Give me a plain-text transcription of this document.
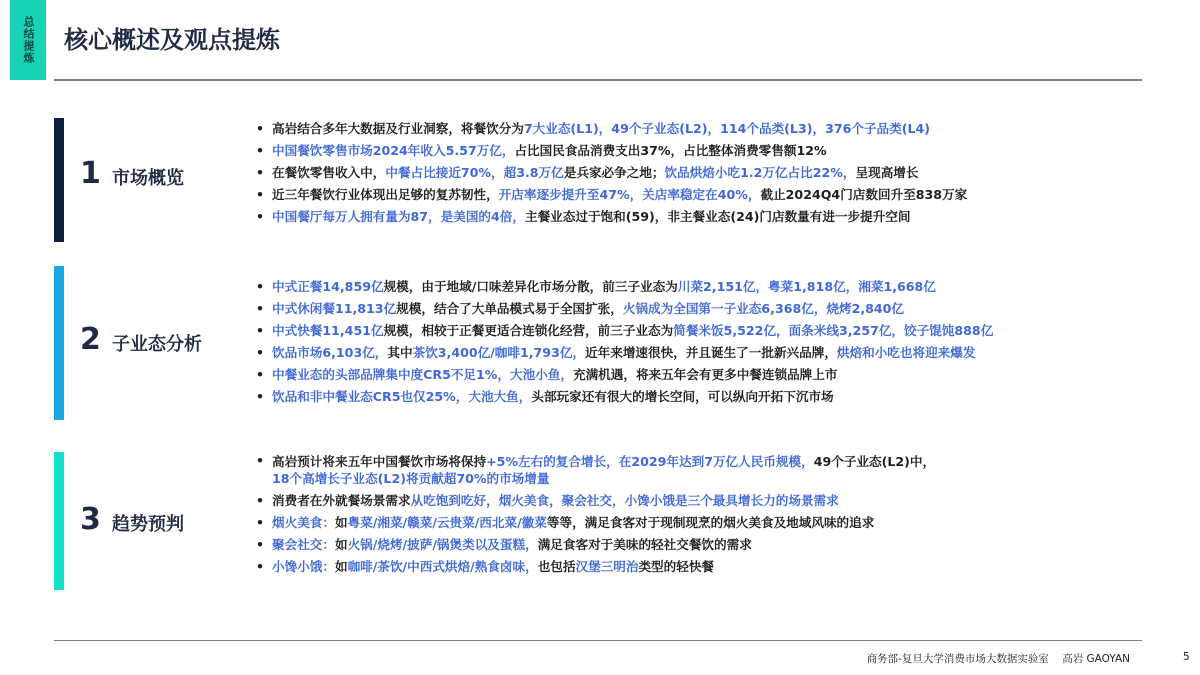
总结提炼 核心概述及观点提炼
1 市场概览
• 高岩结合多年大数据及行业洞察，将餐饮分为7大业态(L1)，49个子业态(L2)，114个品类(L3)，376个子品类(L4)
• 中国餐饮零售市场2024年收入5.57万亿，占比国民食品消费支出37%，占比整体消费零售额12%
• 在餐饮零售收入中，中餐占比接近70%，超3.8万亿是兵家必争之地；饮品烘焙小吃1.2万亿占比22%，呈现高增长
• 近三年餐饮行业体现出足够的复苏韧性，开店率逐步提升至47%，关店率稳定在40%，截止2024Q4门店数回升至838万家
• 中国餐厅每万人拥有量为87，是美国的4倍，主餐业态过于饱和(59)，非主餐业态(24)门店数量有进一步提升空间
2 子业态分析
• 中式正餐14,859亿规模，由于地域/口味差异化市场分散，前三子业态为川菜2,151亿，粤菜1,818亿，湘菜1,668亿
• 中式休闲餐11,813亿规模，结合了大单品模式易于全国扩张，火锅成为全国第一子业态6,368亿，烧烤2,840亿
• 中式快餐11,451亿规模，相较于正餐更适合连锁化经营，前三子业态为简餐米饭5,522亿，面条米线3,257亿，饺子馄饨888亿
• 饮品市场6,103亿，其中茶饮3,400亿/咖啡1,793亿，近年来增速很快，并且诞生了一批新兴品牌，烘焙和小吃也将迎来爆发
• 中餐业态的头部品牌集中度CR5不足1%，大池小鱼，充满机遇，将来五年会有更多中餐连锁品牌上市
• 饮品和非中餐业态CR5也仅25%，大池大鱼，头部玩家还有很大的增长空间，可以纵向开拓下沉市场
3 趋势预判
• 高岩预计将来五年中国餐饮市场将保持+5%左右的复合增长，在2029年达到7万亿人民币规模，49个子业态(L2)中，
18个高增长子业态(L2)将贡献超70%的市场增量
• 消费者在外就餐场景需求从吃饱到吃好，烟火美食，聚会社交，小馋小饿是三个最具增长力的场景需求
• 烟火美食：如粤菜/湘菜/赣菜/云贵菜/西北菜/徽菜等等，满足食客对于现制现烹的烟火美食及地域风味的追求
• 聚会社交：如火锅/烧烤/披萨/锅煲类以及蛋糕，满足食客对于美味的轻社交餐饮的需求
• 小馋小饿：如咖啡/茶饮/中西式烘焙/熟食卤味，也包括汉堡三明治类型的轻快餐
商务部-复旦大学消费市场大数据实验室    高岩 GAOYAN	5
